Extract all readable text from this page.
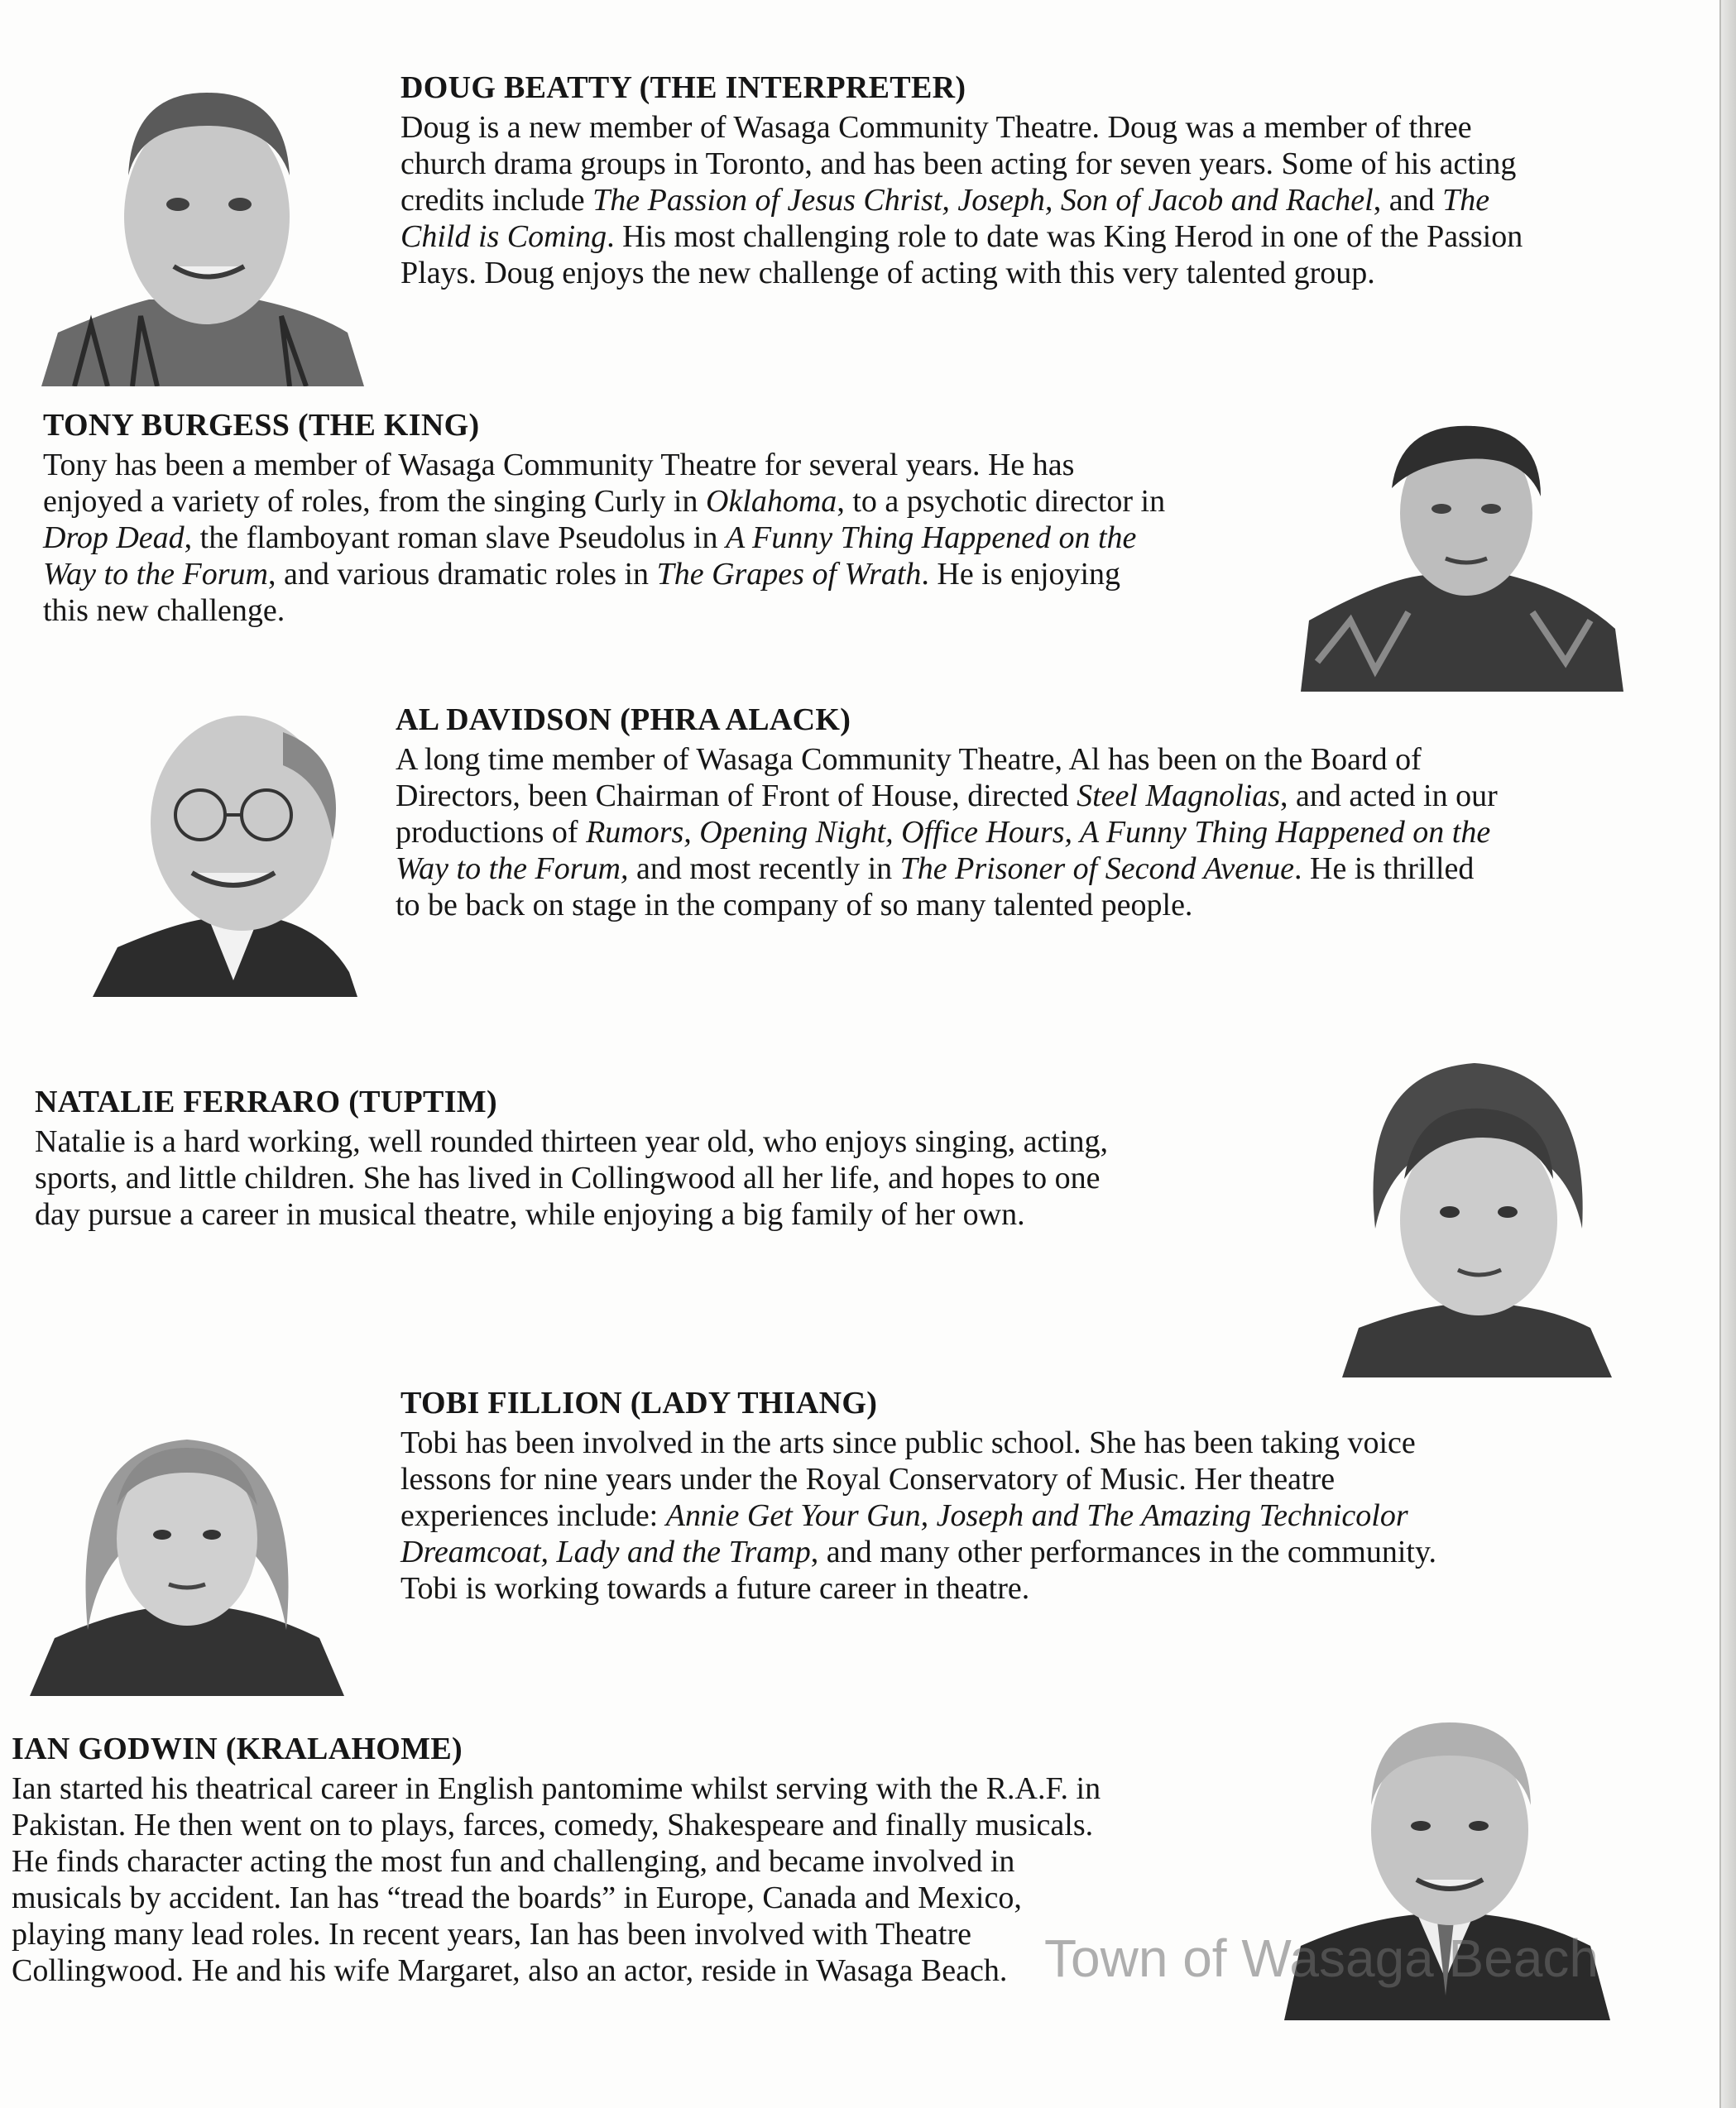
DOUG BEATTY (THE INTERPRETER)

Doug is a new member of Wasaga Community Theatre. Doug was a member of three
church drama groups in Toronto, and has been acting for seven years. Some of his acting
credits include The Passion of Jesus Christ, Joseph, Son of Jacob and Rachel, and The
Child is Coming. His most challenging role to date was King Herod in one of the Passion
Plays. Doug enjoys the new challenge of acting with this very talented group.

TONY BURGESS (THE KING)

Tony has been a member of Wasaga Community Theatre for several years. He has
enjoyed a variety of roles, from the singing Curly in Oklahoma, to a psychotic director in
Drop Dead, the flamboyant roman slave Pseudolus in A Funny Thing Happened on the
Way to the Forum, and various dramatic roles in The Grapes of Wrath. He is enjoying
this new challenge.

AL DAVIDSON (PHRA ALACK)

A long time member of Wasaga Community Theatre, Al has been on the Board of
Directors, been Chairman of Front of House, directed Steel Magnolias, and acted in our
productions of Rumors, Opening Night, Office Hours, A Funny Thing Happened on the
Way to the Forum, and most recently in The Prisoner of Second Avenue. He is thrilled
to be back on stage in the company of so many talented people.

NATALIE FERRARO (TUPTIM)

Natalie is a hard working, well rounded thirteen year old, who enjoys singing, acting,
sports, and little children. She has lived in Collingwood all her life, and hopes to one
day pursue a career in musical theatre, while enjoying a big family of her own.

TOBI FILLION (LADY THIANG)

Tobi has been involved in the arts since public school. She has been taking voice
lessons for nine years under the Royal Conservatory of Music. Her theatre
experiences include: Annie Get Your Gun, Joseph and The Amazing Technicolor
Dreamcoat, Lady and the Tramp, and many other performances in the community.
Tobi is working towards a future career in theatre.

IAN GODWIN (KRALAHOME)

Ian started his theatrical career in English pantomime whilst serving with the R.A.F. in
Pakistan. He then went on to plays, farces, comedy, Shakespeare and finally musicals.
He finds character acting the most fun and challenging, and became involved in
musicals by accident. Ian has “tread the boards” in Europe, Canada and Mexico,
playing many lead roles. In recent years, Ian has been involved with Theatre
Collingwood. He and his wife Margaret, also an actor, reside in Wasaga Beach. Town of Wasaga Beach
